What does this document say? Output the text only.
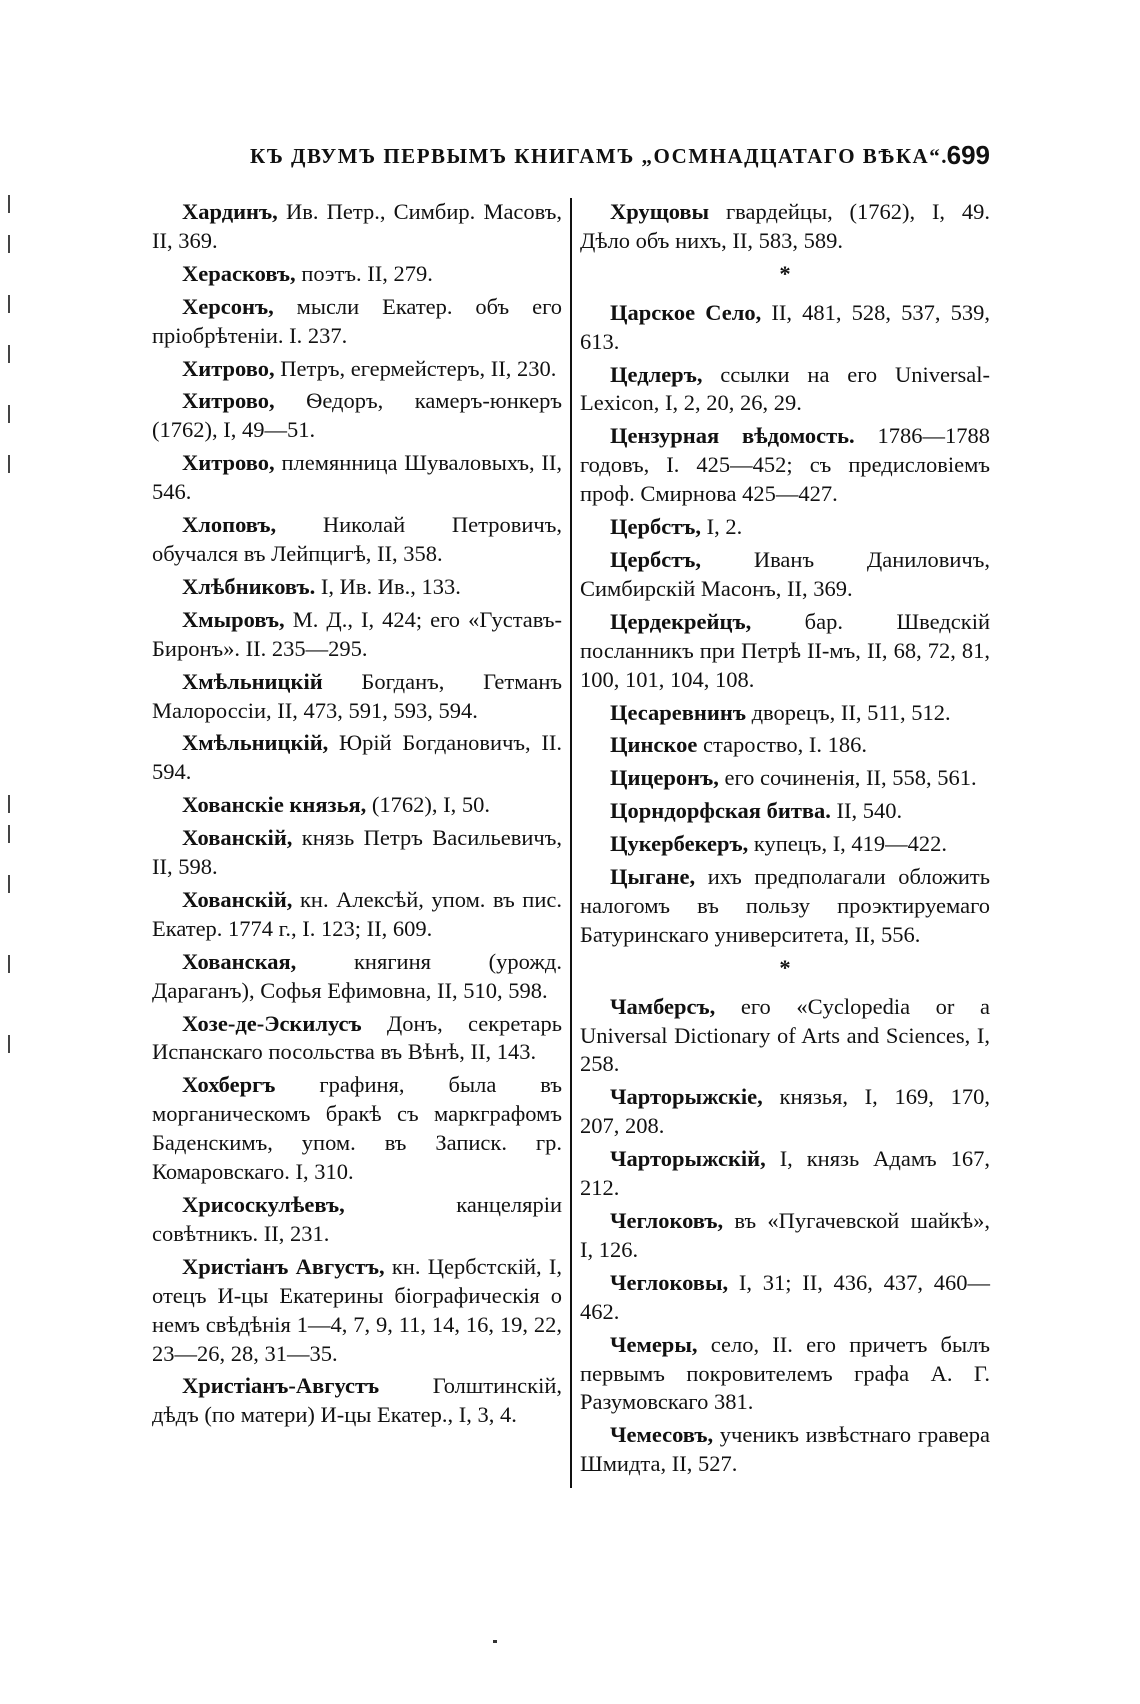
КЪ ДВУМЪ ПЕРВЫМЪ КНИГАМЪ „ОСМНАДЦАТАГО ВѢКА“.
699

Хардинъ, Ив. Петр., Симбир. Масовъ, II, 369.

Херасковъ, поэтъ. II, 279.

Херсонъ, мысли Екатер. объ его пріобрѣтеніи. I. 237.

Хитрово, Петръ, егермейстеръ, II, 230.

Хитрово, Ѳедоръ, камеръ-юнкеръ (1762), I, 49—51.

Хитрово, племянница Шуваловыхъ, II, 546.

Хлоповъ, Николай Петровичъ, обучался въ Лейпцигѣ, II, 358.

Хлѣбниковъ. I, Ив. Ив., 133.

Хмыровъ, М. Д., I, 424; его «Густавъ-Биронъ». II. 235—295.

Хмѣльницкій Богданъ, Гетманъ Малороссіи, II, 473, 591, 593, 594.

Хмѣльницкій, Юрій Богдановичъ, II. 594.

Хованскіе князья, (1762), I, 50.

Хованскій, князь Петръ Васильевичъ, II, 598.

Хованскій, кн. Алексѣй, упом. въ пис. Екатер. 1774 г., I. 123; II, 609.

Хованская, княгиня (урожд. Дараганъ), Софья Ефимовна, II, 510, 598.

Хозе-де-Эскилусъ Донъ, секретарь Испанскаго посольства въ Вѣнѣ, II, 143.

Хохбергъ графиня, была въ морганическомъ бракѣ съ маркграфомъ Баденскимъ, упом. въ Записк. гр. Комаровскаго. I, 310.

Хрисоскулѣевъ, канцеляріи совѣтникъ. II, 231.

Христіанъ Августъ, кн. Цербстскій, I, отецъ И-цы Екатерины біографическія о немъ свѣдѣнія 1—4, 7, 9, 11, 14, 16, 19, 22, 23—26, 28, 31—35.

Христіанъ-Августъ Голштинскій, дѣдъ (по матери) И-цы Екатер., I, 3, 4.

Хрущовы гвардейцы, (1762), I, 49. Дѣло объ нихъ, II, 583, 589.

*

Царское Село, II, 481, 528, 537, 539, 613.

Цедлеръ, ссылки на его Universal-Lexicon, I, 2, 20, 26, 29.

Цензурная вѣдомость. 1786—1788 годовъ, I. 425—452; съ предисловіемъ проф. Смирнова 425—427.

Цербстъ, I, 2.

Цербстъ, Иванъ Даниловичъ, Симбирскій Масонъ, II, 369.

Цердекрейцъ, бар. Шведскій посланникъ при Петрѣ II-мъ, II, 68, 72, 81, 100, 101, 104, 108.

Цесаревнинъ дворецъ, II, 511, 512.

Цинское староство, I. 186.

Цицеронъ, его сочиненія, II, 558, 561.

Цорндорфская битва. II, 540.

Цукербекеръ, купецъ, I, 419—422.

Цыгане, ихъ предполагали обложить налогомъ въ пользу проэктируемаго Батуринскаго университета, II, 556.

*

Чамберсъ, его «Cyclopedia or a Universal Dictionary of Arts and Sciences, I, 258.

Чарторыжскіе, князья, I, 169, 170, 207, 208.

Чарторыжскій, I, князь Адамъ 167, 212.

Чеглоковъ, въ «Пугачевской шайкѣ», I, 126.

Чеглоковы, I, 31; II, 436, 437, 460—462.

Чемеры, село, II. его причетъ былъ первымъ покровителемъ графа А. Г. Разумовскаго 381.

Чемесовъ, ученикъ извѣстнаго гравера Шмидта, II, 527.
